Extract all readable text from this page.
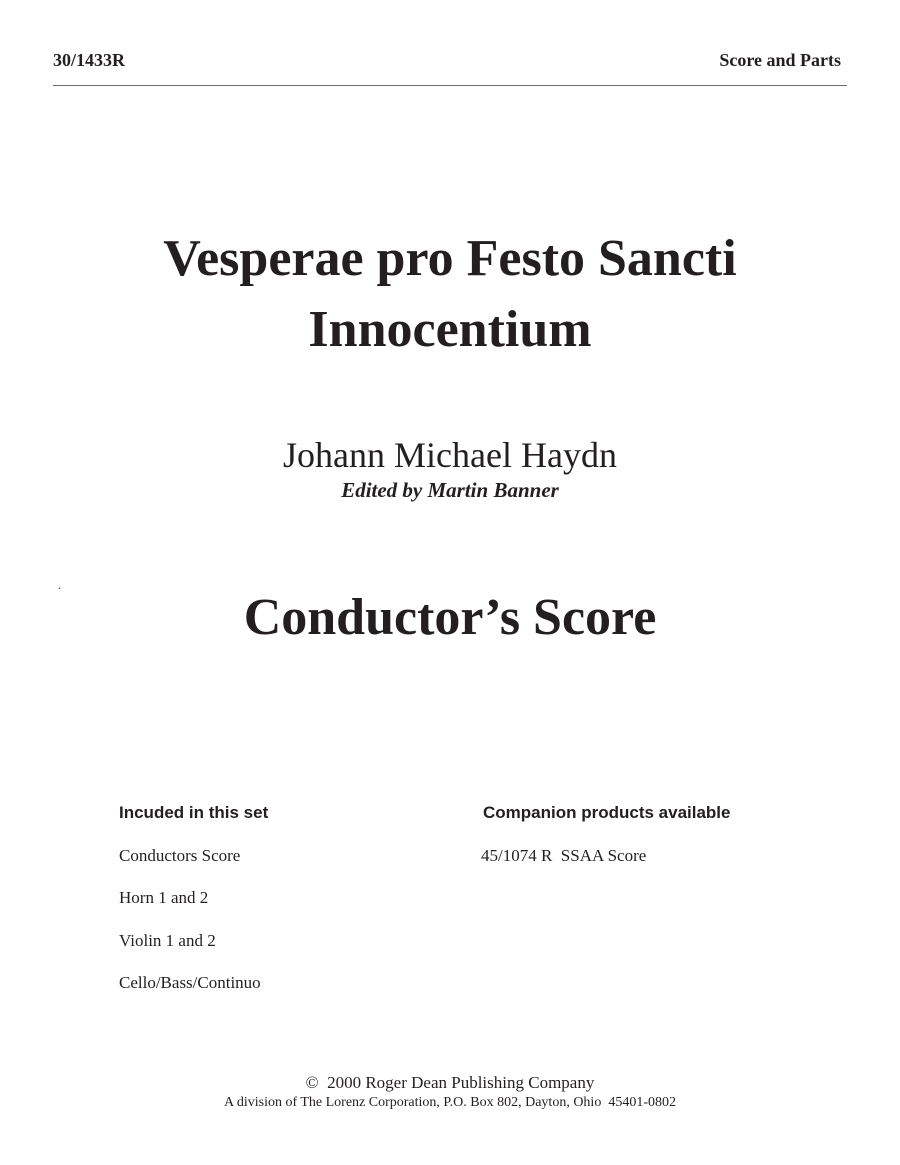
30/1433R	Score and Parts
Vesperae pro Festo Sancti
Innocentium
Johann Michael Haydn
Edited by Martin Banner
.
Conductor’s Score
Incuded in this set
Conductors Score
Horn 1 and 2
Violin 1 and 2
Cello/Bass/Continuo
Companion products available
45/1074 R  SSAA Score
©  2000 Roger Dean Publishing Company
A division of The Lorenz Corporation, P.O. Box 802, Dayton, Ohio  45401-0802
